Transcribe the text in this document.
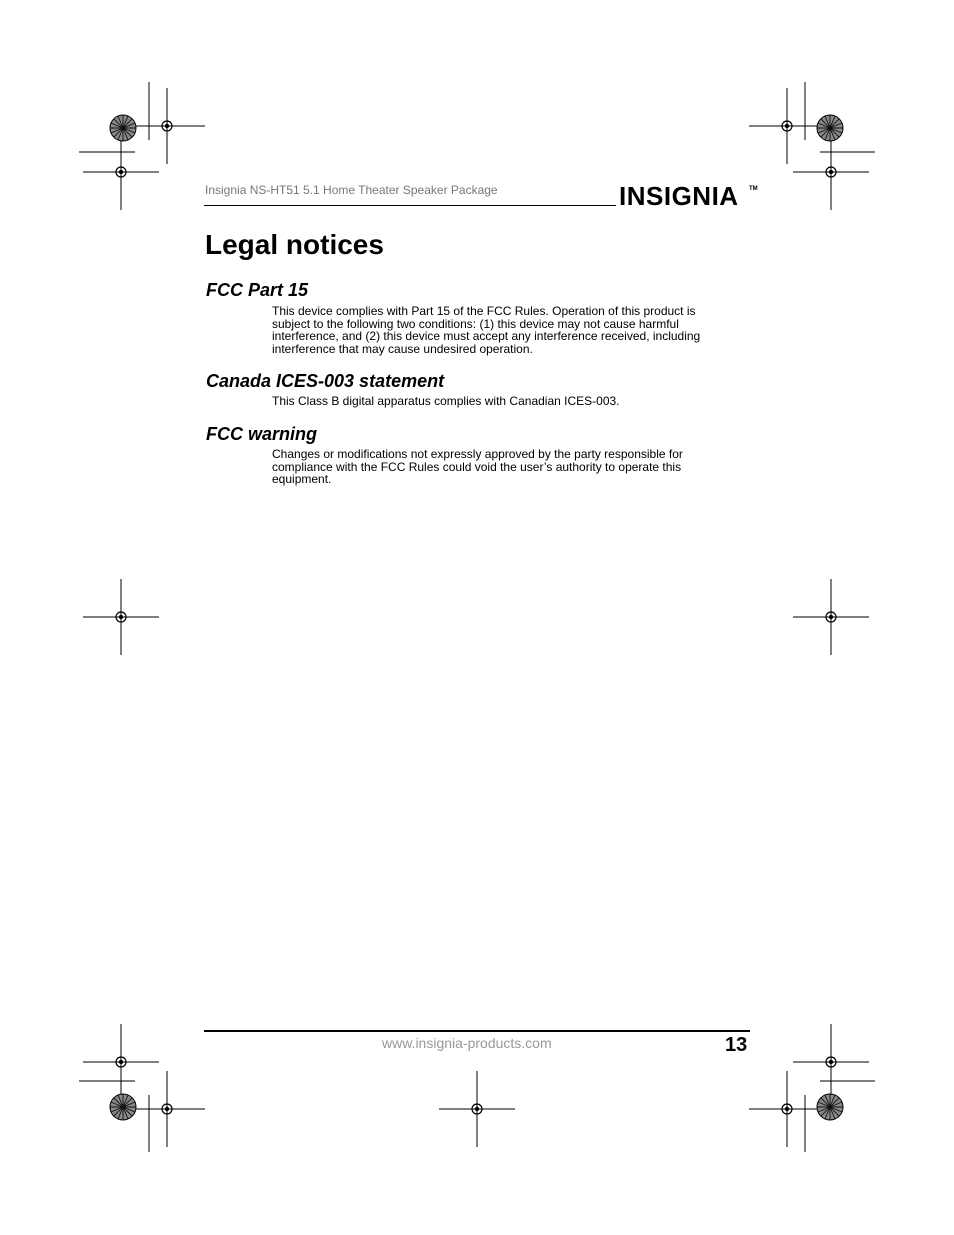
Insignia NS-HT51 5.1 Home Theater Speaker Package	INSIGNIA TM
Legal notices
FCC Part 15

This device complies with Part 15 of the FCC Rules. Operation of this product is subject to the following two conditions: (1) this device may not cause harmful interference, and (2) this device must accept any interference received, including interference that may cause undesired operation.

Canada ICES-003 statement

This Class B digital apparatus complies with Canadian ICES-003.

FCC warning

Changes or modifications not expressly approved by the party responsible for compliance with the FCC Rules could void the user’s authority to operate this equipment.

www.insignia-products.com	13
